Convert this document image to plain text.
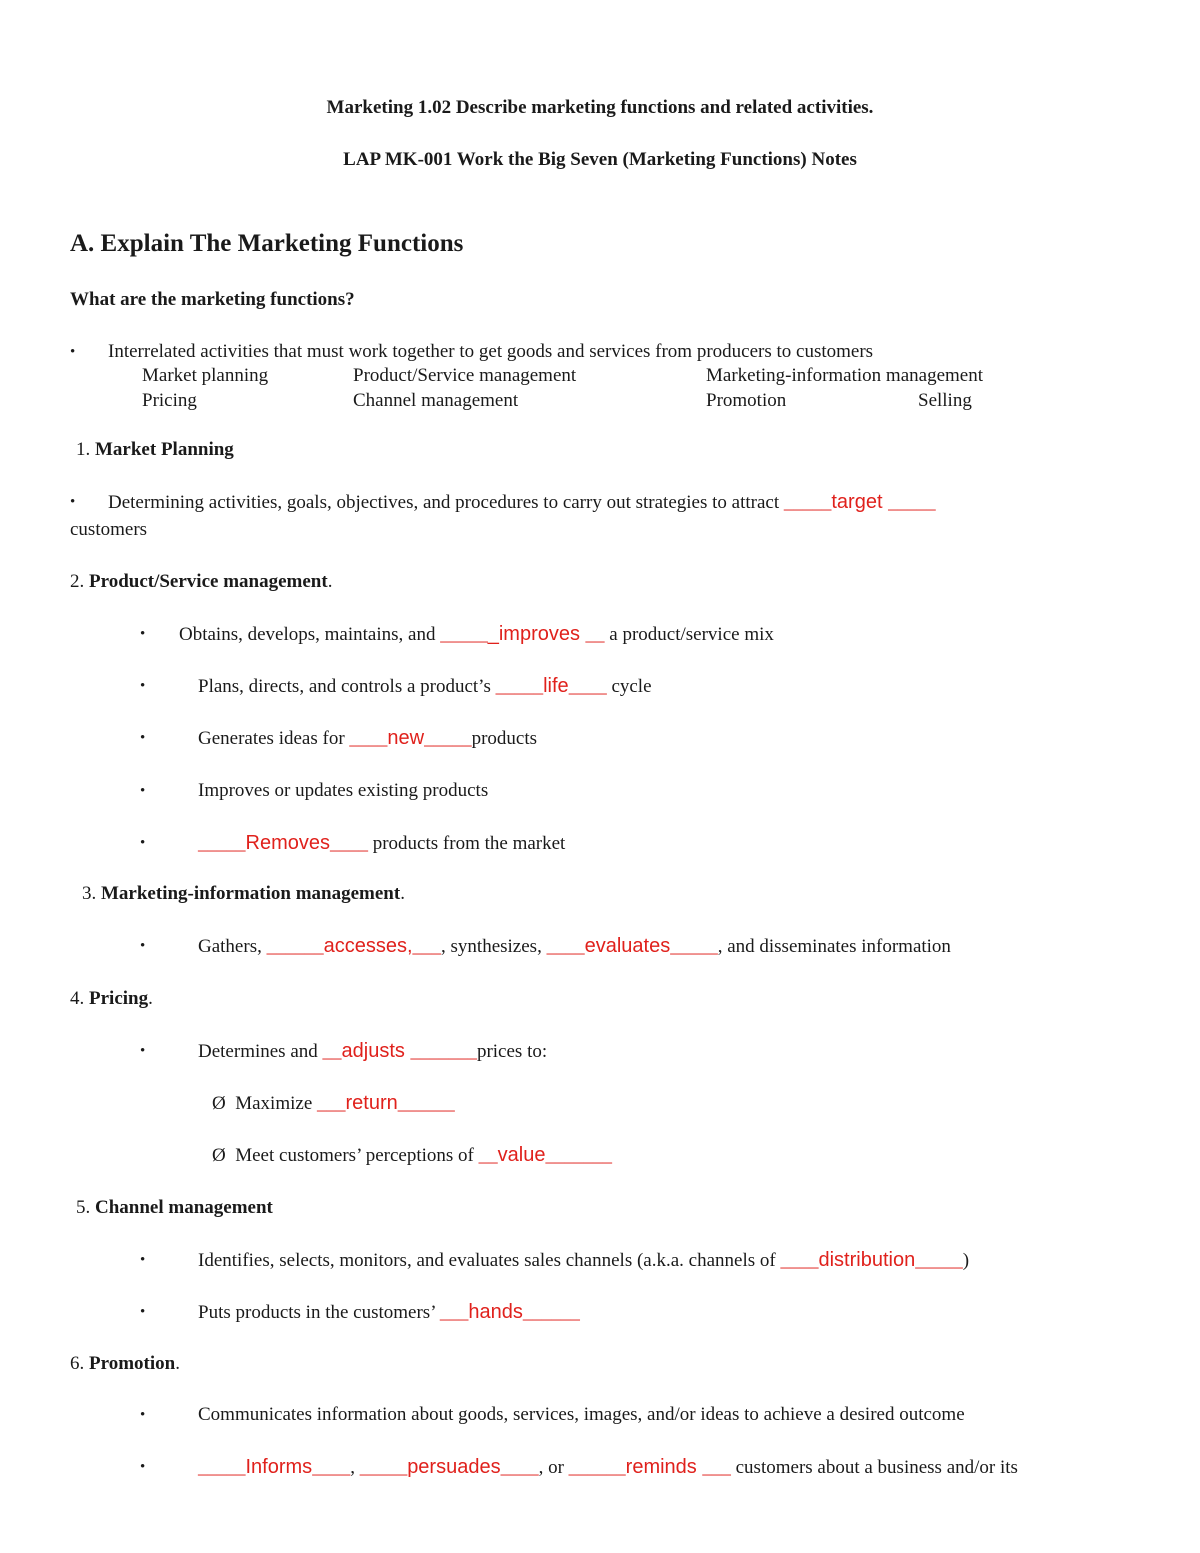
Marketing 1.02 Describe marketing functions and related activities.
LAP MK-001 Work the Big Seven (Marketing Functions) Notes
A. Explain The Marketing Functions
What are the marketing functions?
• Interrelated activities that must work together to get goods and services from producers to customers
Market planning	Product/Service management	Marketing-information management
Pricing	Channel management	Promotion	Selling
1. Market Planning
• Determining activities, goals, objectives, and procedures to carry out strategies to attract _____target _____
customers
2. Product/Service management.
• Obtains, develops, maintains, and ______improves __ a product/service mix
•	Plans, directs, and controls a product’s _____life____ cycle
•	Generates ideas for ____new_____products
•	Improves or updates existing products
•	_____Removes____ products from the market
3. Marketing-information management.
•	Gathers, ______accesses,___, synthesizes, ____evaluates_____, and disseminates information
4. Pricing.
•	Determines and __adjusts _______prices to:
Ø Maximize ___return______
Ø Meet customers’ perceptions of __value_______
5. Channel management
•	Identifies, selects, monitors, and evaluates sales channels (a.k.a. channels of ____distribution_____)
•	Puts products in the customers’ ___hands______
6. Promotion.
•	Communicates information about goods, services, images, and/or ideas to achieve a desired outcome
•	_____Informs____, _____persuades____, or ______reminds ___ customers about a business and/or its
